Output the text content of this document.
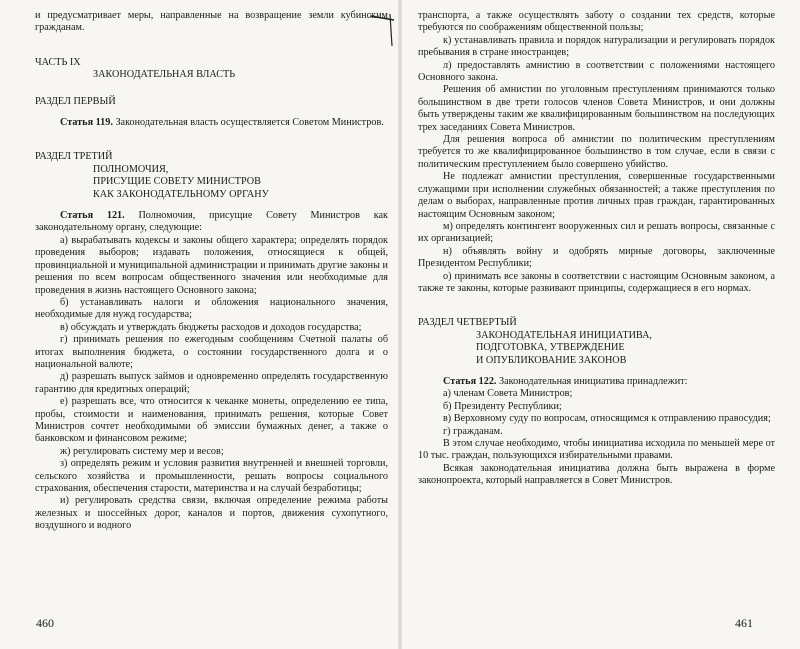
и предусматривает меры, направленные на возвращение земли кубинским гражданам.

ЧАСТЬ IX
ЗАКОНОДАТЕЛЬНАЯ ВЛАСТЬ
РАЗДЕЛ ПЕРВЫЙ

Статья 119. Законодательная власть осуществляется Советом Министров.

РАЗДЕЛ ТРЕТИЙ
ПОЛНОМОЧИЯ,
ПРИСУЩИЕ СОВЕТУ МИНИСТРОВ
КАК ЗАКОНОДАТЕЛЬНОМУ ОРГАНУ

Статья 121. Полномочия, присущие Совету Министров как законодательному органу, следующие:

а) вырабатывать кодексы и законы общего характера; определять порядок проведения выборов; издавать положения, относящиеся к общей, провинциальной и муниципальной администрации и принимать другие законы и решения по всем вопросам общественного значения или необходимые для проведения в жизнь настоящего Основного закона;

б) устанавливать налоги и обложения национального значения, необходимые для нужд государства;

в) обсуждать и утверждать бюджеты расходов и доходов государства;

г) принимать решения по ежегодным сообщениям Счетной палаты об итогах выполнения бюджета, о состоянии государственного долга и о национальной валюте;

д) разрешать выпуск займов и одновременно определять государственную гарантию для кредитных операций;

е) разрешать все, что относится к чеканке монеты, определению ее типа, пробы, стоимости и наименования, принимать решения, которые Совет Министров сочтет необходимыми об эмиссии бумажных денег, а также о банковском и финансовом режиме;

ж) регулировать систему мер и весов;

з) определять режим и условия развития внутренней и внешней торговли, сельского хозяйства и промышленности, решать вопросы социального страхования, обеспечения старости, материнства и на случай безработицы;

и) регулировать средства связи, включая определение режима работы железных и шоссейных дорог, каналов и портов, движения сухопутного, воздушного и водного

транспорта, а также осуществлять заботу о создании тех средств, которые требуются по соображениям общественной пользы;

к) устанавливать правила и порядок натурализации и регулировать порядок пребывания в стране иностранцев;

л) предоставлять амнистию в соответствии с положениями настоящего Основного закона.

Решения об амнистии по уголовным преступлениям принимаются только большинством в две трети голосов членов Совета Министров, и они должны быть утверждены таким же квалифицированным большинством на последующих трех заседаниях Совета Министров.

Для решения вопроса об амнистии по политическим преступлениям требуется то же квалифицированное большинство в том случае, если в связи с политическим преступлением было совершено убийство.

Не подлежат амнистии преступления, совершенные государственными служащими при исполнении служебных обязанностей; а также преступления по делам о выборах, направленные против личных прав граждан, гарантированных настоящим Основным законом;

м) определять контингент вооруженных сил и решать вопросы, связанные с их организацией;

н) объявлять войну и одобрять мирные договоры, заключенные Президентом Республики;

о) принимать все законы в соответствии с настоящим Основным законом, а также те законы, которые развивают принципы, содержащиеся в его нормах.

РАЗДЕЛ ЧЕТВЕРТЫЙ
ЗАКОНОДАТЕЛЬНАЯ ИНИЦИАТИВА,
ПОДГОТОВКА, УТВЕРЖДЕНИЕ
И ОПУБЛИКОВАНИЕ ЗАКОНОВ

Статья 122. Законодательная инициатива принадлежит:

а) членам Совета Министров;

б) Президенту Республики;

в) Верховному суду по вопросам, относящимся к отправлению правосудия;

г) гражданам.

В этом случае необходимо, чтобы инициатива исходила по меньшей мере от 10 тыс. граждан, пользующихся избирательными правами.

Всякая законодательная инициатива должна быть выражена в форме законопроекта, который направляется в Совет Министров.

460	461
